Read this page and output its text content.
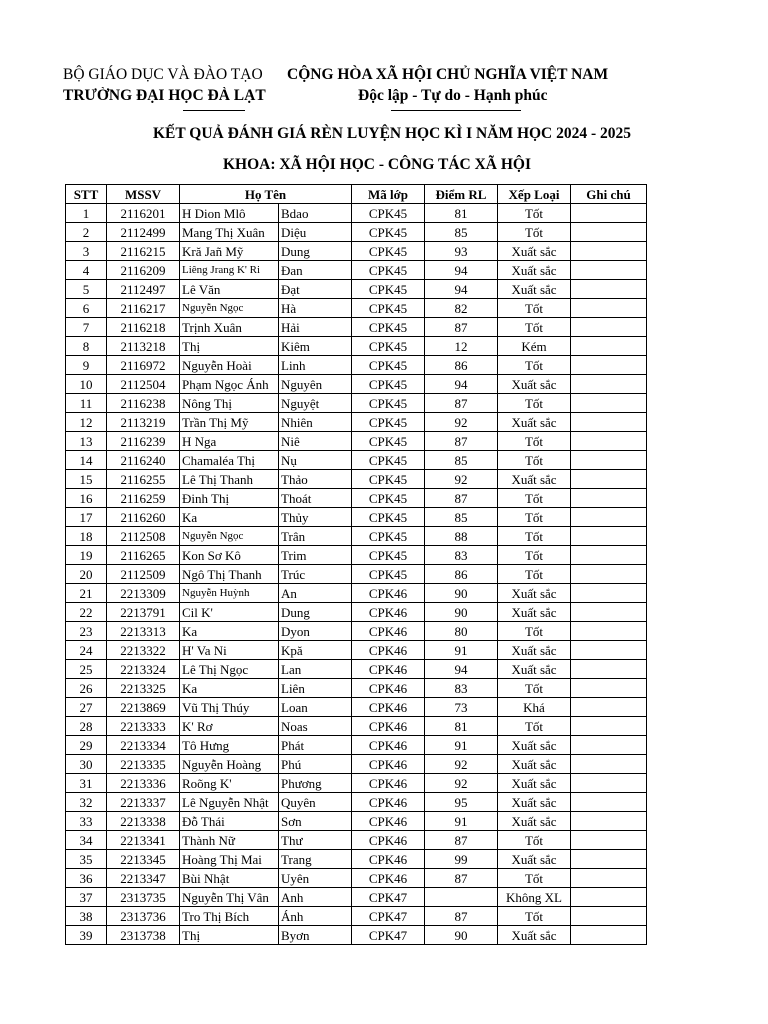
BỘ GIÁO DỤC VÀ ĐÀO TẠO
TRƯỜNG ĐẠI HỌC ĐÀ LẠT
CỘNG HÒA XÃ HỘI CHỦ NGHĨA VIỆT NAM
Độc lập - Tự do - Hạnh phúc
KẾT QUẢ ĐÁNH GIÁ RÈN LUYỆN HỌC KÌ I NĂM HỌC 2024 - 2025
KHOA: XÃ HỘI HỌC - CÔNG TÁC XÃ HỘI
STT	MSSV	Họ Tên		Mã lớp	Điểm RL	Xếp Loại	Ghi chú
1	2116201	H Dion Mlô	Bdao	CPK45	81	Tốt	
2	2112499	Mang Thị Xuân	Diệu	CPK45	85	Tốt	
3	2116215	Kră Jañ Mỹ	Dung	CPK45	93	Xuất sắc	
4	2116209	Liêng Jrang K' Ri	Đan	CPK45	94	Xuất sắc	
5	2112497	Lê Văn	Đạt	CPK45	94	Xuất sắc	
6	2116217	Nguyễn Ngọc	Hà	CPK45	82	Tốt	
7	2116218	Trịnh Xuân	Hải	CPK45	87	Tốt	
8	2113218	Thị	Kiêm	CPK45	12	Kém	
9	2116972	Nguyễn Hoài	Linh	CPK45	86	Tốt	
10	2112504	Phạm Ngọc Ánh	Nguyên	CPK45	94	Xuất sắc	
11	2116238	Nông Thị	Nguyệt	CPK45	87	Tốt	
12	2113219	Trần Thị Mỹ	Nhiên	CPK45	92	Xuất sắc	
13	2116239	H Nga	Niê	CPK45	87	Tốt	
14	2116240	Chamaléa Thị	Nụ	CPK45	85	Tốt	
15	2116255	Lê Thị Thanh	Thảo	CPK45	92	Xuất sắc	
16	2116259	Đinh Thị	Thoát	CPK45	87	Tốt	
17	2116260	Ka	Thủy	CPK45	85	Tốt	
18	2112508	Nguyễn Ngọc	Trân	CPK45	88	Tốt	
19	2116265	Kon Sơ Kô	Trim	CPK45	83	Tốt	
20	2112509	Ngô Thị Thanh	Trúc	CPK45	86	Tốt	
21	2213309	Nguyễn Huỳnh	An	CPK46	90	Xuất sắc	
22	2213791	Cil K'	Dung	CPK46	90	Xuất sắc	
23	2213313	Ka	Dyon	CPK46	80	Tốt	
24	2213322	H' Va Ni	Kpă	CPK46	91	Xuất sắc	
25	2213324	Lê Thị Ngọc	Lan	CPK46	94	Xuất sắc	
26	2213325	Ka	Liên	CPK46	83	Tốt	
27	2213869	Vũ Thị Thúy	Loan	CPK46	73	Khá	
28	2213333	K' Rơ	Noas	CPK46	81	Tốt	
29	2213334	Tô Hưng	Phát	CPK46	91	Xuất sắc	
30	2213335	Nguyễn Hoàng	Phú	CPK46	92	Xuất sắc	
31	2213336	Roõng K'	Phương	CPK46	92	Xuất sắc	
32	2213337	Lê Nguyễn Nhật	Quyên	CPK46	95	Xuất sắc	
33	2213338	Đỗ Thái	Sơn	CPK46	91	Xuất sắc	
34	2213341	Thành Nữ	Thư	CPK46	87	Tốt	
35	2213345	Hoàng Thị Mai	Trang	CPK46	99	Xuất sắc	
36	2213347	Bùi Nhật	Uyên	CPK46	87	Tốt	
37	2313735	Nguyễn Thị Vân	Anh	CPK47		Không XL	
38	2313736	Tro Thị Bích	Ánh	CPK47	87	Tốt	
39	2313738	Thị	Byơn	CPK47	90	Xuất sắc	
